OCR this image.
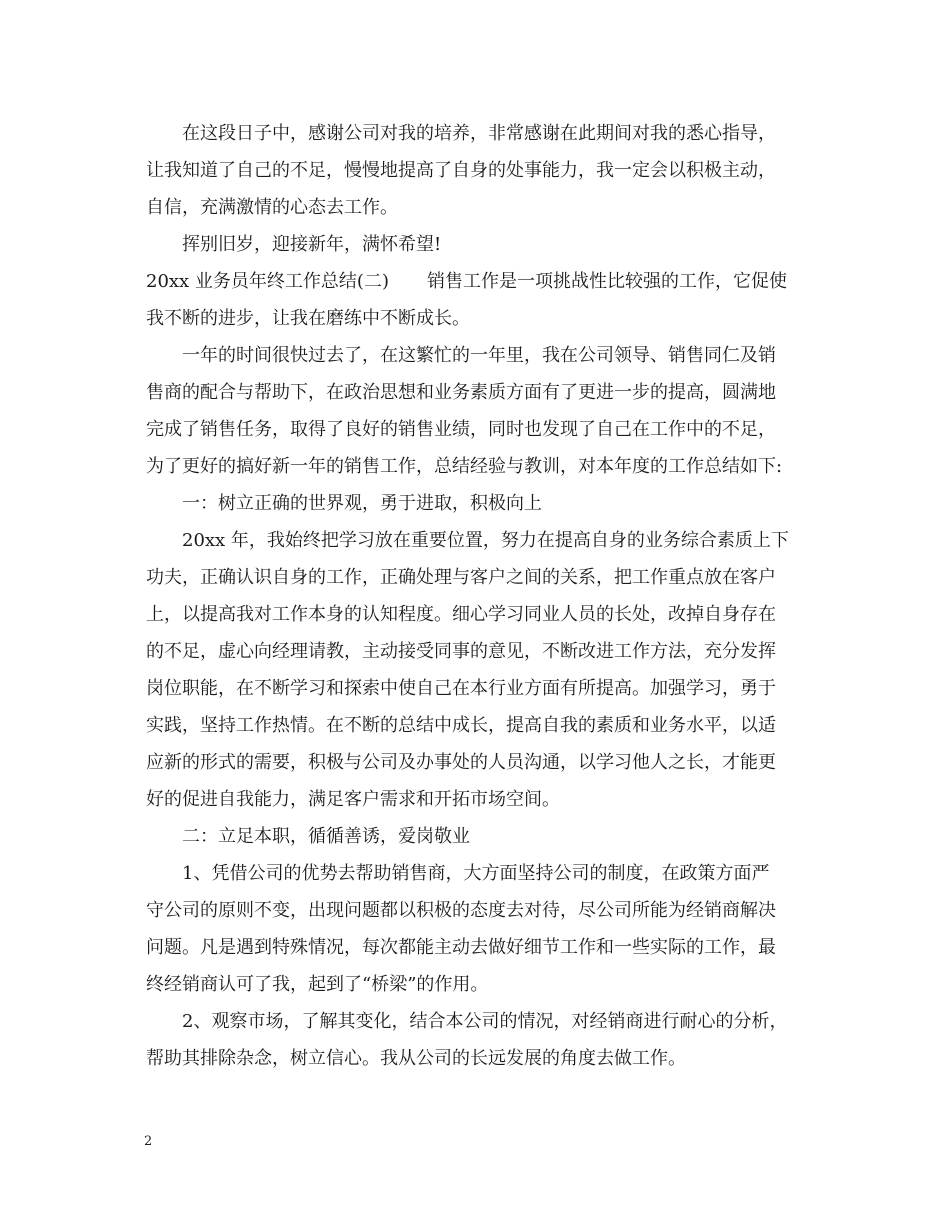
在这段日子中，感谢公司对我的培养，非常感谢在此期间对我的悉心指导，
让我知道了自己的不足，慢慢地提高了自身的处事能力，我一定会以积极主动，
自信，充满激情的心态去工作。
挥别旧岁，迎接新年，满怀希望!
20xx 业务员年终工作总结(二) 销售工作是一项挑战性比较强的工作，它促使
我不断的进步，让我在磨练中不断成长。
一年的时间很快过去了，在这繁忙的一年里，我在公司领导、销售同仁及销
售商的配合与帮助下，在政治思想和业务素质方面有了更进一步的提高，圆满地
完成了销售任务，取得了良好的销售业绩，同时也发现了自己在工作中的不足，
为了更好的搞好新一年的销售工作，总结经验与教训，对本年度的工作总结如下:
一：树立正确的世界观，勇于进取，积极向上
20xx 年，我始终把学习放在重要位置，努力在提高自身的业务综合素质上下
功夫，正确认识自身的工作，正确处理与客户之间的关系，把工作重点放在客户
上，以提高我对工作本身的认知程度。细心学习同业人员的长处，改掉自身存在
的不足，虚心向经理请教，主动接受同事的意见，不断改进工作方法，充分发挥
岗位职能，在不断学习和探索中使自己在本行业方面有所提高。加强学习，勇于
实践，坚持工作热情。在不断的总结中成长，提高自我的素质和业务水平，以适
应新的形式的需要，积极与公司及办事处的人员沟通，以学习他人之长，才能更
好的促进自我能力，满足客户需求和开拓市场空间。
二：立足本职，循循善诱，爱岗敬业
1、凭借公司的优势去帮助销售商，大方面坚持公司的制度，在政策方面严
守公司的原则不变，出现问题都以积极的态度去对待，尽公司所能为经销商解决
问题。凡是遇到特殊情况，每次都能主动去做好细节工作和一些实际的工作，最
终经销商认可了我，起到了“桥梁”的作用。
2、观察市场，了解其变化，结合本公司的情况，对经销商进行耐心的分析，
帮助其排除杂念，树立信心。我从公司的长远发展的角度去做工作。
2
